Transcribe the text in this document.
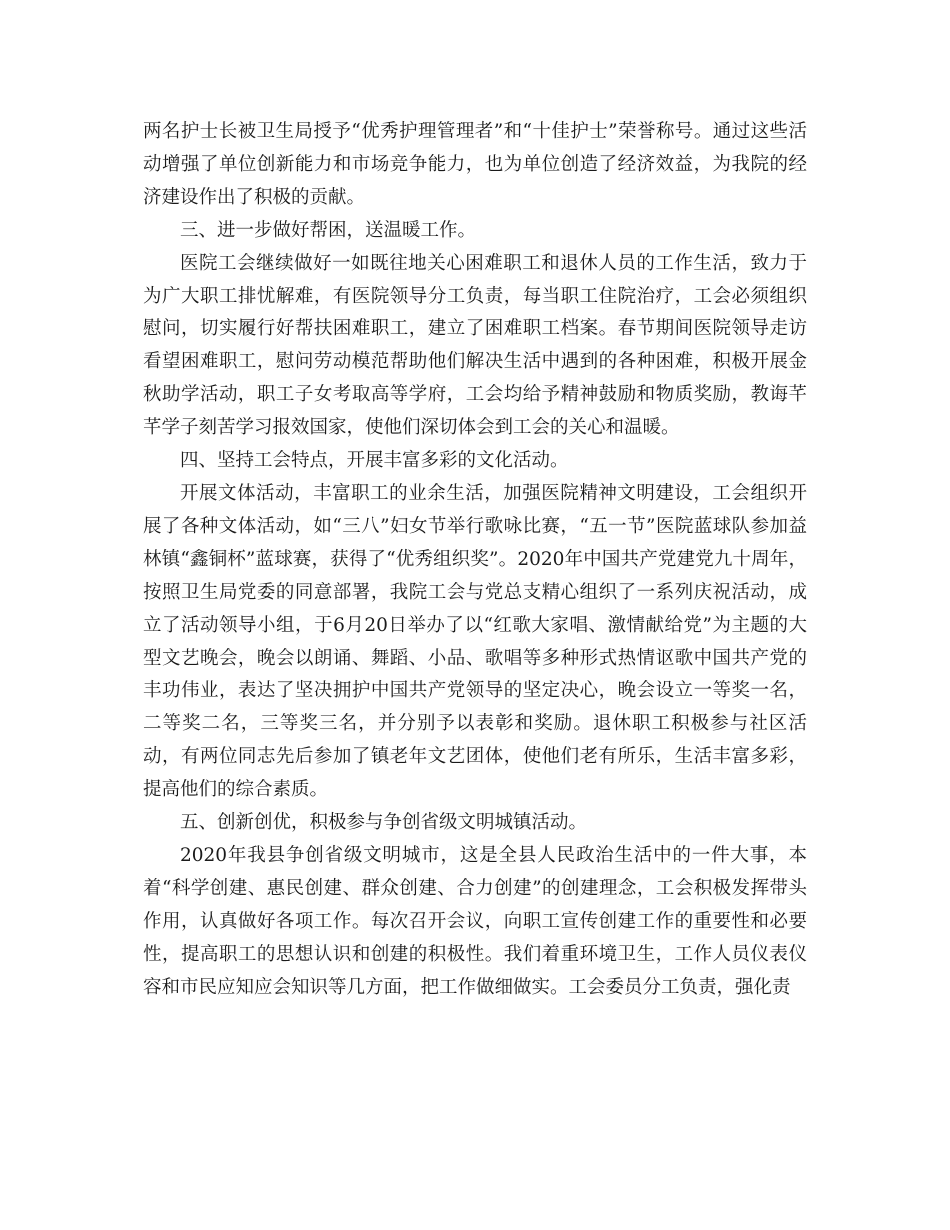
两名护士长被卫生局授予“优秀护理管理者”和“十佳护士”荣誉称号。通过这些活动增强了单位创新能力和市场竞争能力，也为单位创造了经济效益，为我院的经济建设作出了积极的贡献。

三、进一步做好帮困，送温暖工作。

医院工会继续做好一如既往地关心困难职工和退休人员的工作生活，致力于为广大职工排忧解难，有医院领导分工负责，每当职工住院治疗，工会必须组织慰问，切实履行好帮扶困难职工，建立了困难职工档案。春节期间医院领导走访看望困难职工，慰问劳动模范帮助他们解决生活中遇到的各种困难，积极开展金秋助学活动，职工子女考取高等学府，工会均给予精神鼓励和物质奖励，教诲芊芊学子刻苦学习报效国家，使他们深切体会到工会的关心和温暖。

四、坚持工会特点，开展丰富多彩的文化活动。

开展文体活动，丰富职工的业余生活，加强医院精神文明建设，工会组织开展了各种文体活动，如“三八”妇女节举行歌咏比赛，“五一节”医院蓝球队参加益林镇“鑫铜杯”蓝球赛，获得了“优秀组织奖”。2020年中国共产党建党九十周年，按照卫生局党委的同意部署，我院工会与党总支精心组织了一系列庆祝活动，成立了活动领导小组，于6月20日举办了以“红歌大家唱、激情献给党”为主题的大型文艺晚会，晚会以朗诵、舞蹈、小品、歌唱等多种形式热情讴歌中国共产党的丰功伟业，表达了坚决拥护中国共产党领导的坚定决心，晚会设立一等奖一名，二等奖二名，三等奖三名，并分别予以表彰和奖励。退休职工积极参与社区活动，有两位同志先后参加了镇老年文艺团体，使他们老有所乐，生活丰富多彩，提高他们的综合素质。

五、创新创优，积极参与争创省级文明城镇活动。

2020年我县争创省级文明城市，这是全县人民政治生活中的一件大事，本着“科学创建、惠民创建、群众创建、合力创建”的创建理念，工会积极发挥带头作用，认真做好各项工作。每次召开会议，向职工宣传创建工作的重要性和必要性，提高职工的思想认识和创建的积极性。我们着重环境卫生，工作人员仪表仪容和市民应知应会知识等几方面，把工作做细做实。工会委员分工负责，强化责
